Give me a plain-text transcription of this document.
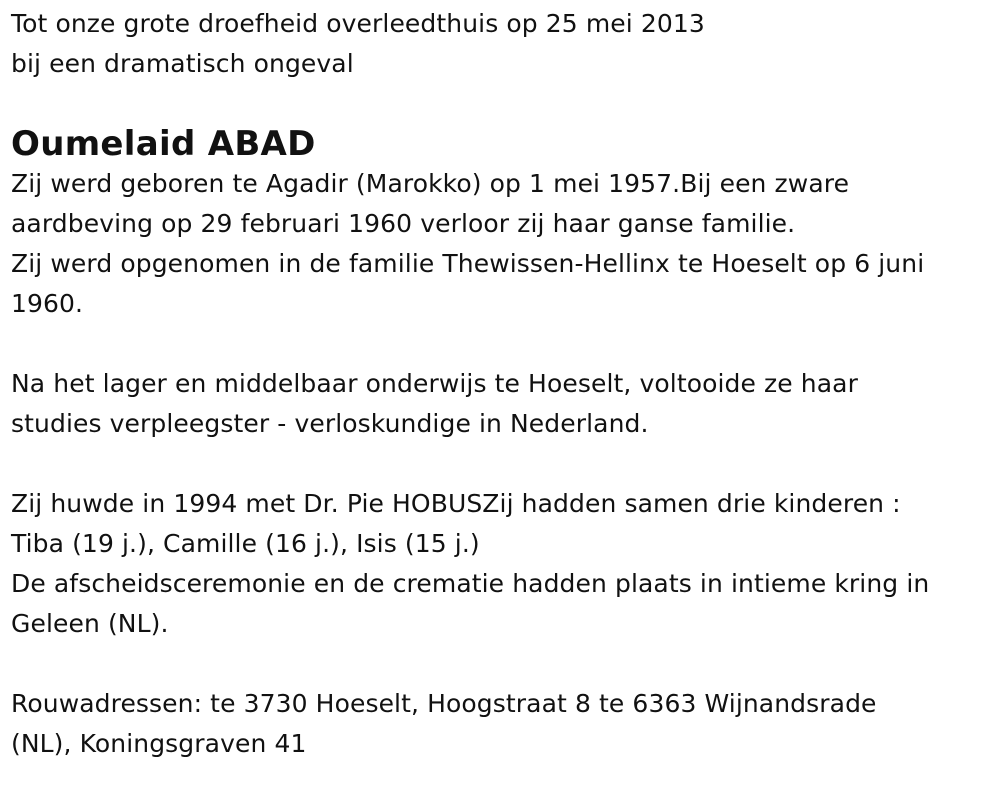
Tot onze grote droefheid overleedthuis op 25 mei 2013
bij een dramatisch ongeval
Oumelaid ABAD
Zij werd geboren te Agadir (Marokko) op 1 mei 1957.Bij een zware
aardbeving op 29 februari 1960 verloor zij haar ganse familie.
Zij werd opgenomen in de familie Thewissen-Hellinx te Hoeselt op 6 juni
1960.
Na het lager en middelbaar onderwijs te Hoeselt, voltooide ze haar
studies verpleegster - verloskundige in Nederland.
Zij huwde in 1994 met Dr. Pie HOBUSZij hadden samen drie kinderen :
Tiba (19 j.), Camille (16 j.), Isis (15 j.)
De afscheidsceremonie en de crematie hadden plaats in intieme kring in
Geleen (NL).
Rouwadressen: te 3730 Hoeselt, Hoogstraat 8 te 6363 Wijnandsrade
(NL), Koningsgraven 41
